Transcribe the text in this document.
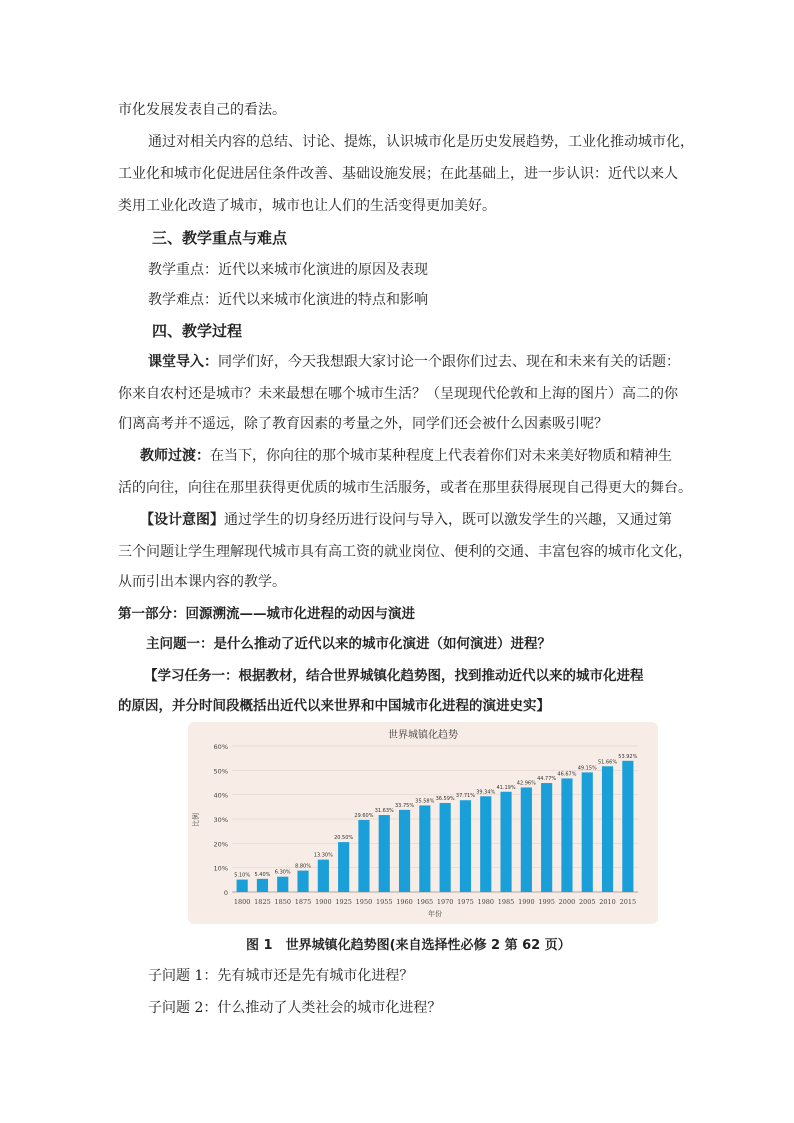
市化发展发表自己的看法。
通过对相关内容的总结、讨论、提炼，认识城市化是历史发展趋势，工业化推动城市化，
工业化和城市化促进居住条件改善、基础设施发展；在此基础上，进一步认识：近代以来人
类用工业化改造了城市，城市也让人们的生活变得更加美好。
三、教学重点与难点
教学重点：近代以来城市化演进的原因及表现
教学难点：近代以来城市化演进的特点和影响
四、教学过程
课堂导入：同学们好，今天我想跟大家讨论一个跟你们过去、现在和未来有关的话题：
你来自农村还是城市？未来最想在哪个城市生活？（呈现现代伦敦和上海的图片）高二的你
们离高考并不遥远，除了教育因素的考量之外，同学们还会被什么因素吸引呢？
教师过渡：在当下，你向往的那个城市某种程度上代表着你们对未来美好物质和精神生
活的向往，向往在那里获得更优质的城市生活服务，或者在那里获得展现自己得更大的舞台。
【设计意图】通过学生的切身经历进行设问与导入，既可以激发学生的兴趣，又通过第
三个问题让学生理解现代城市具有高工资的就业岗位、便利的交通、丰富包容的城市化文化，
从而引出本课内容的教学。
第一部分：回源溯流——城市化进程的动因与演进
主问题一：是什么推动了近代以来的城市化演进（如何演进）进程？
【学习任务一：根据教材，结合世界城镇化趋势图，找到推动近代以来的城市化进程
的原因，并分时间段概括出近代以来世界和中国城市化进程的演进史实】
世界城镇化趋势
0
10%
20%
30%
40%
50%
60%
比例
5.10%
1800
5.40%
1825
6.30%
1850
8.80%
1875
13.30%
1900
20.50%
1925
29.60%
1950
31.63%
1955
33.75%
1960
35.58%
1965
36.59%
1970
37.71%
1975
39.34%
1980
41.19%
1985
42.96%
1990
44.77%
1995
46.67%
2000
49.15%
2005
51.66%
2010
53.92%
2015
年份
图 1　世界城镇化趋势图(来自选择性必修 2 第 62 页）
子问题 1：先有城市还是先有城市化进程？
子问题 2：什么推动了人类社会的城市化进程？
